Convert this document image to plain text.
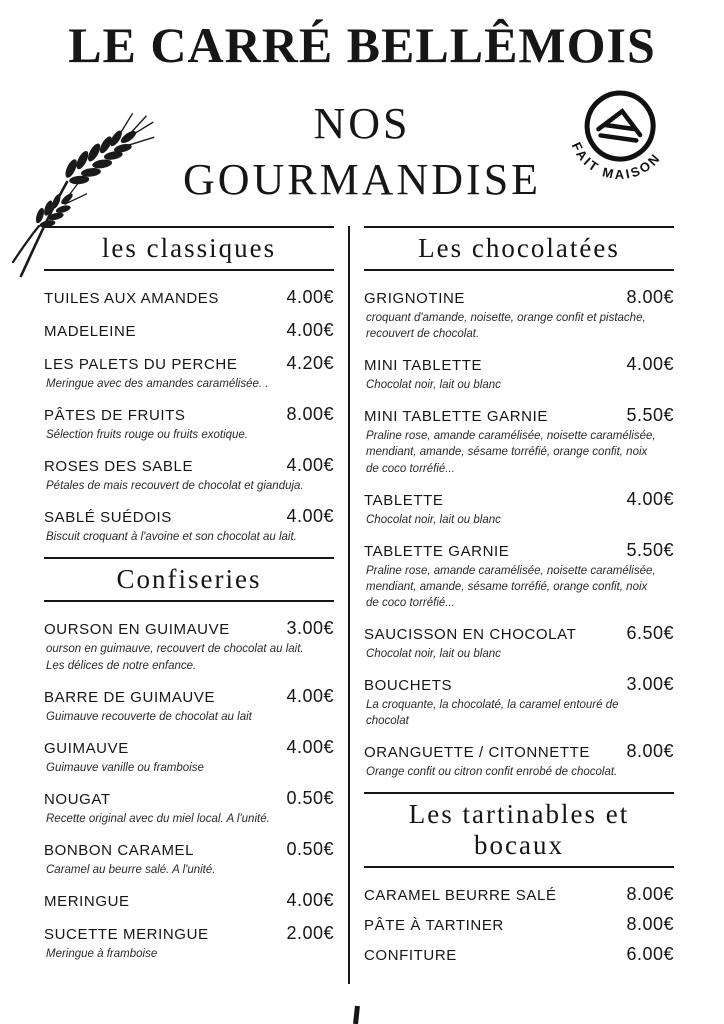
FAIT MAISON
LE CARRÉ BELLÊMOIS
NOS
GOURMANDISE
les classiques
TUILES AUX AMANDES	4.00€
MADELEINE	4.00€
LES PALETS DU PERCHE	4.20€
Meringue avec des amandes caramélisée. .
PÂTES DE FRUITS	8.00€
Sélection fruits rouge ou fruits exotique.
ROSES DES SABLE	4.00€
Pétales de mais recouvert de chocolat et gianduja.
SABLÉ SUÉDOIS	4.00€
Biscuit croquant à l'avoine et son chocolat au lait.
Confiseries
OURSON EN GUIMAUVE	3.00€
ourson en guimauve, recouvert de chocolat au lait. Les délices de notre enfance.
BARRE DE GUIMAUVE	4.00€
Guimauve recouverte de chocolat au lait
GUIMAUVE	4.00€
Guimauve vanille ou framboise
NOUGAT	0.50€
Recette original avec du miel local. A l'unité.
BONBON CARAMEL	0.50€
Caramel au beurre salé. A l'unité.
MERINGUE	4.00€
SUCETTE MERINGUE	2.00€
Meringue à framboise
Les chocolatées
GRIGNOTINE	8.00€
croquant d'amande, noisette, orange confit et pistache, recouvert de chocolat.
MINI TABLETTE	4.00€
Chocolat noir, lait ou blanc
MINI TABLETTE GARNIE	5.50€
Praline rose, amande caramélisée, noisette caramélisée, mendiant, amande, sésame torréfié, orange confit, noix de coco torréfié...
TABLETTE	4.00€
Chocolat noir, lait ou blanc
TABLETTE GARNIE	5.50€
Praline rose, amande caramélisée, noisette caramélisée, mendiant, amande, sésame torréfié, orange confit, noix de coco torréfié...
SAUCISSON EN CHOCOLAT	6.50€
Chocolat noir, lait ou blanc
BOUCHETS	3.00€
La croquante, la chocolaté, la caramel entouré de chocolat
ORANGUETTE / CITONNETTE 8.00€
Orange confit ou citron confit enrobé de chocolat.
Les tartinables et bocaux
CARAMEL BEURRE SALÉ	8.00€
PÂTE À TARTINER	8.00€
CONFITURE	6.00€
